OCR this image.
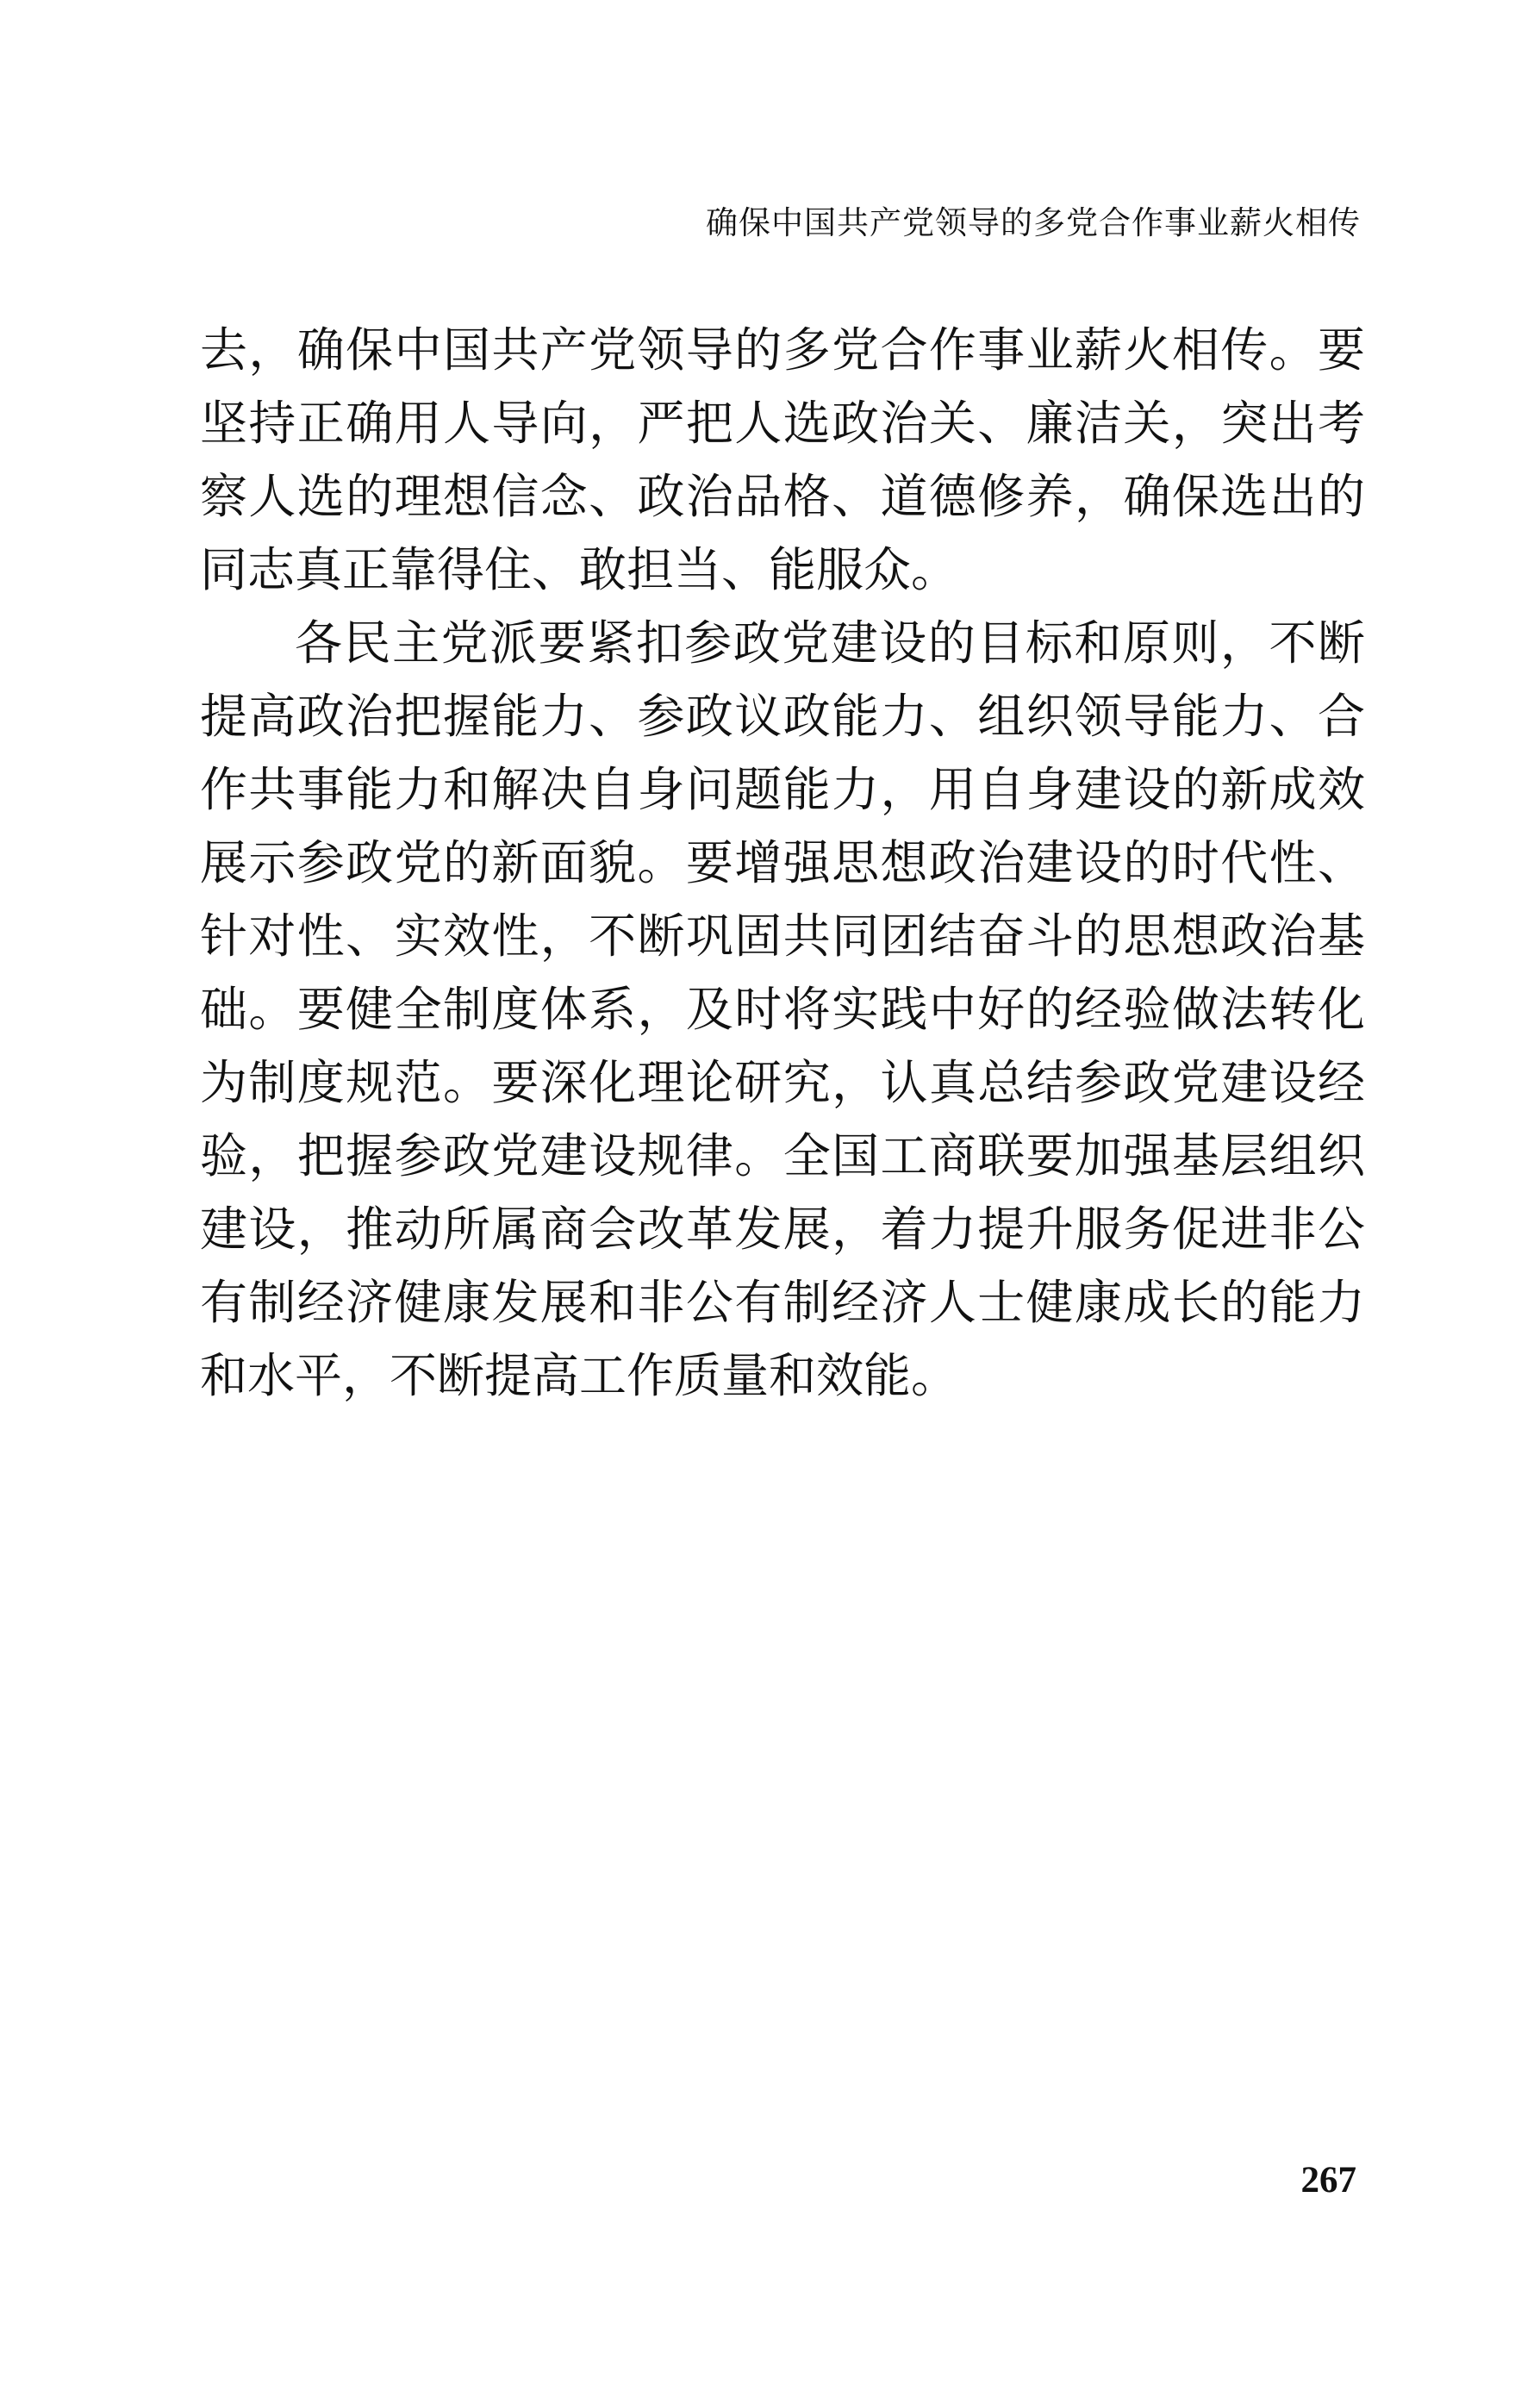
确保中国共产党领导的多党合作事业薪火相传

去，确保中国共产党领导的多党合作事业薪火相传。要坚持正确用人导向，严把人选政治关、廉洁关，突出考察人选的理想信念、政治品格、道德修养，确保选出的同志真正靠得住、敢担当、能服众。

各民主党派要紧扣参政党建设的目标和原则，不断提高政治把握能力、参政议政能力、组织领导能力、合作共事能力和解决自身问题能力，用自身建设的新成效展示参政党的新面貌。要增强思想政治建设的时代性、针对性、实效性，不断巩固共同团结奋斗的思想政治基础。要健全制度体系，及时将实践中好的经验做法转化为制度规范。要深化理论研究，认真总结参政党建设经验，把握参政党建设规律。全国工商联要加强基层组织建设，推动所属商会改革发展，着力提升服务促进非公有制经济健康发展和非公有制经济人士健康成长的能力和水平，不断提高工作质量和效能。

267
